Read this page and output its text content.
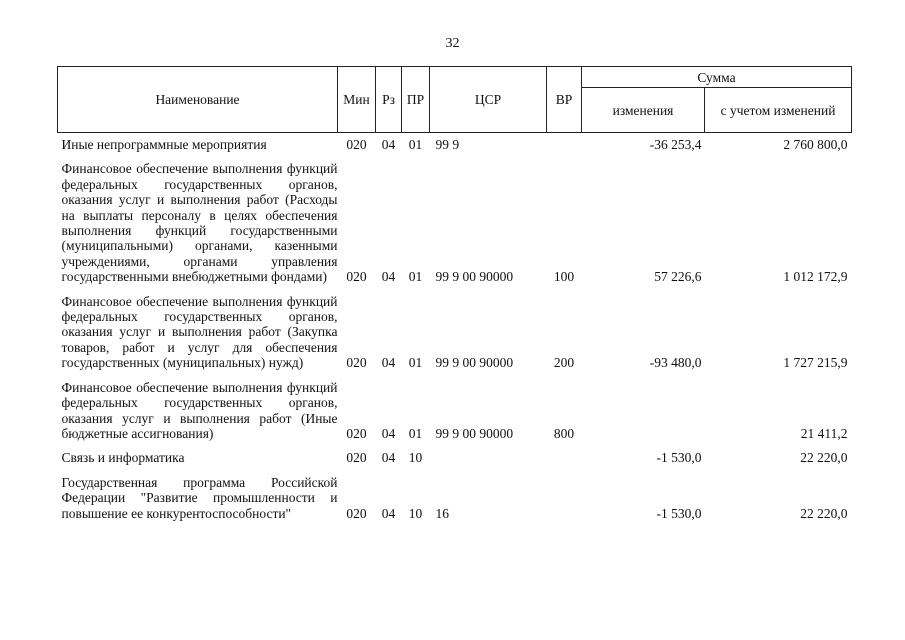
32
Наименование	Мин	Рз	ПР	ЦСР	ВР	Сумма	
						изменения	с учетом изменений
Иные непрограммные мероприятия	020	04	01	99 9		-36 253,4	2 760 800,0
Финансовое обеспечение выполнения функций федеральных государственных органов, оказания услуг и выполнения работ (Расходы на выплаты персоналу в целях обеспечения выполнения функций государственными (муниципальными) органами, казенными учреждениями, органами управления государственными внебюджетными фондами)	020	04	01	99 9 00 90000	100	57 226,6	1 012 172,9
Финансовое обеспечение выполнения функций федеральных государственных органов, оказания услуг и выполнения работ (Закупка товаров, работ и услуг для обеспечения государственных (муниципальных) нужд)	020	04	01	99 9 00 90000	200	-93 480,0	1 727 215,9
Финансовое обеспечение выполнения функций федеральных государственных органов, оказания услуг и выполнения работ (Иные бюджетные ассигнования)	020	04	01	99 9 00 90000	800		21 411,2
Связь и информатика	020	04	10			-1 530,0	22 220,0
Государственная программа Российской Федерации "Развитие промышленности и повышение ее конкурентоспособности"	020	04	10	16		-1 530,0	22 220,0
